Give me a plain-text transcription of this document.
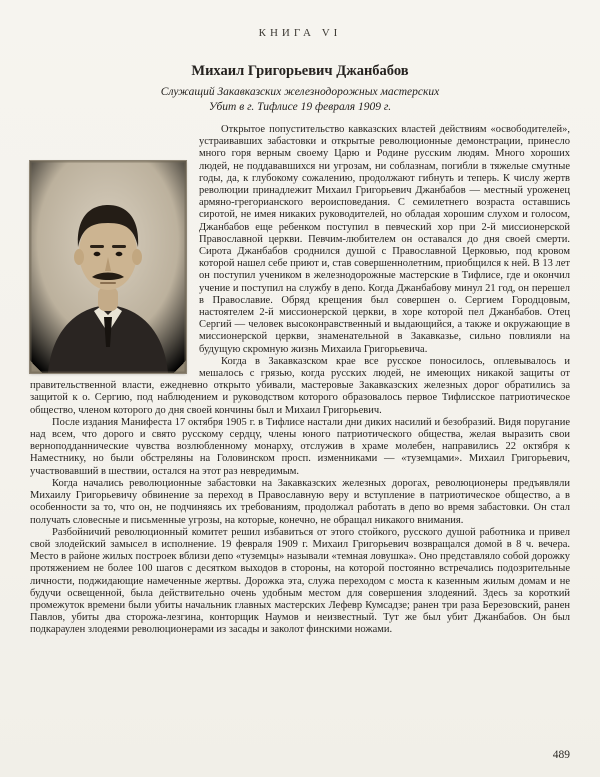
КНИГА VI
Михаил Григорьевич Джанбабов

Служащий Закавказских железнодорожных мастерских

Убит в г. Тифлисе 19 февраля 1909 г.

Открытое попустительство кавказских властей действиям «освободителей», устраивавших забастовки и открытые революционные демонстрации, принесло много горя верным своему Царю и Родине русским людям. Много хороших людей, не поддававшихся ни угрозам, ни соблазнам, погибли в тяжелые смутные годы, да, к глубокому сожалению, продолжают гибнуть и теперь. К числу жертв революции принадлежит Михаил Григорьевич Джанбабов — местный уроженец армяно-грегорианского вероисповедания. С семилетнего возраста оставшись сиротой, не имея никаких руководителей, но обладая хорошим слухом и голосом, Джанбабов еще ребенком поступил в певческий хор при 2-й миссионерской Православной церкви. Певчим-любителем он оставался до дня своей смерти. Сирота Джанбабов сроднился душой с Православной Церковью, под кровом которой нашел себе приют и, став совершеннолетним, приобщился к ней. В 13 лет он поступил учеником в железнодорожные мастерские в Тифлисе, где и окончил учение и поступил на службу в депо. Когда Джанбабову минул 21 год, он перешел в Православие. Обряд крещения был совершен о. Сергием Городцовым, настоятелем 2-й миссионерской церкви, в хоре которой пел Джанбабов. Отец Сергий — человек высоконравственный и выдающийся, а также и окружающие в миссионерской церкви, знаменательной в Закавказье, сильно повлияли на будущую скромную жизнь Михаила Григорьевича.

Когда в Закавказском крае все русское поносилось, оплевывалось и мешалось с грязью, когда русских людей, не имеющих никакой защиты от правительственной власти, ежедневно открыто убивали, мастеровые Закавказских железных дорог обратились за защитой к о. Сергию, под наблюдением и руководством которого образовалось первое Тифлисское патриотическое общество, членом которого до дня своей кончины был и Михаил Григорьевич.

После издания Манифеста 17 октября 1905 г. в Тифлисе настали дни диких насилий и безобразий. Видя поругание над всем, что дорого и свято русскому сердцу, члены юного патриотического общества, желая выразить свои верноподданнические чувства возлюбленному монарху, отслужив в храме молебен, направились 22 октября к Наместнику, но были обстреляны на Головинском просп. изменниками — «туземцами». Михаил Григорьевич, участвовавший в шествии, остался на этот раз невредимым.

Когда начались революционные забастовки на Закавказских железных дорогах, революционеры предъявляли Михаилу Григорьевичу обвинение за переход в Православную веру и вступление в патриотическое общество, а в особенности за то, что он, не подчиняясь их требованиям, продолжал работать в депо во время забастовки. Он стал получать словесные и письменные угрозы, на которые, конечно, не обращал никакого внимания.

Разбойничий революционный комитет решил избавиться от этого стойкого, русского душой работника и привел свой злодейский замысел в исполнение. 19 февраля 1909 г. Михаил Григорьевич возвращался домой в 8 ч. вечера. Место в районе жилых построек вблизи депо «туземцы» называли «темная ловушка». Оно представляло собой дорожку протяжением не более 100 шагов с десятком выходов в стороны, на которой постоянно встречались подозрительные личности, поджидающие намеченные жертвы. Дорожка эта, служа переходом с моста к казенным жилым домам и не будучи освещенной, была действительно очень удобным местом для совершения злодеяний. Здесь за короткий промежуток времени были убиты начальник главных мастерских Лефевр Кумсадзе; ранен три раза Березовский, ранен Павлов, убиты два сторожа-лезгина, конторщик Наумов и неизвестный. Тут же был убит Джанбабов. Он был подкараулен злодеями революционерами из засады и заколот финскими ножами.

489
